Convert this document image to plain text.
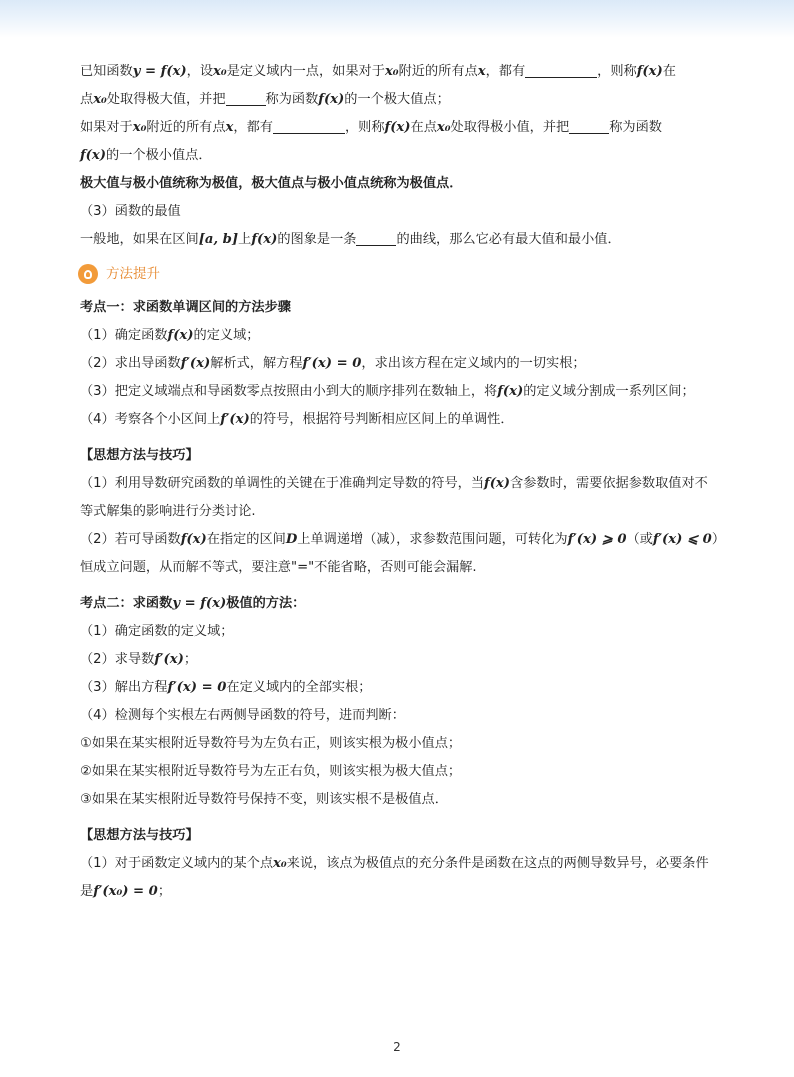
已知函数y = f(x)，设x₀是定义域内一点，如果对于x₀附近的所有点x，都有	，则称f(x)在
点x₀处取得极大值，并把	称为函数f(x)的一个极大值点；

如果对于x₀附近的所有点x，都有	，则称f(x)在点x₀处取得极小值，并把	称为函数
f(x)的一个极小值点．

极大值与极小值统称为极值，极大值点与极小值点统称为极值点．

（3）函数的最值

一般地，如果在区间[a, b]上f(x)的图象是一条	的曲线，那么它必有最大值和最小值．

方法提升

考点一：求函数单调区间的方法步骤

（1）确定函数f(x)的定义域；

（2）求出导函数f′(x)解析式，解方程f′(x) = 0，求出该方程在定义域内的一切实根；

（3）把定义域端点和导函数零点按照由小到大的顺序排列在数轴上，将f(x)的定义域分割成一系列区间；

（4）考察各个小区间上f′(x)的符号，根据符号判断相应区间上的单调性．

【思想方法与技巧】

（1）利用导数研究函数的单调性的关键在于准确判定导数的符号，当f(x)含参数时，需要依据参数取值对不等式解集的影响进行分类讨论.

（2）若可导函数f(x)在指定的区间D上单调递增（减），求参数范围问题，可转化为f′(x) ⩾ 0（或f′(x) ⩽ 0）恒成立问题，从而解不等式，要注意"="不能省略，否则可能会漏解.

考点二：求函数y = f(x)极值的方法：

（1）确定函数的定义域；

（2）求导数f′(x)；

（3）解出方程f′(x) = 0在定义域内的全部实根；

（4）检测每个实根左右两侧导函数的符号，进而判断：

①如果在某实根附近导数符号为左负右正，则该实根为极小值点；

②如果在某实根附近导数符号为左正右负，则该实根为极大值点；

③如果在某实根附近导数符号保持不变，则该实根不是极值点．

【思想方法与技巧】

（1）对于函数定义域内的某个点x₀来说，该点为极值点的充分条件是函数在这点的两侧导数异号，必要条件是f′(x₀) = 0；

2
